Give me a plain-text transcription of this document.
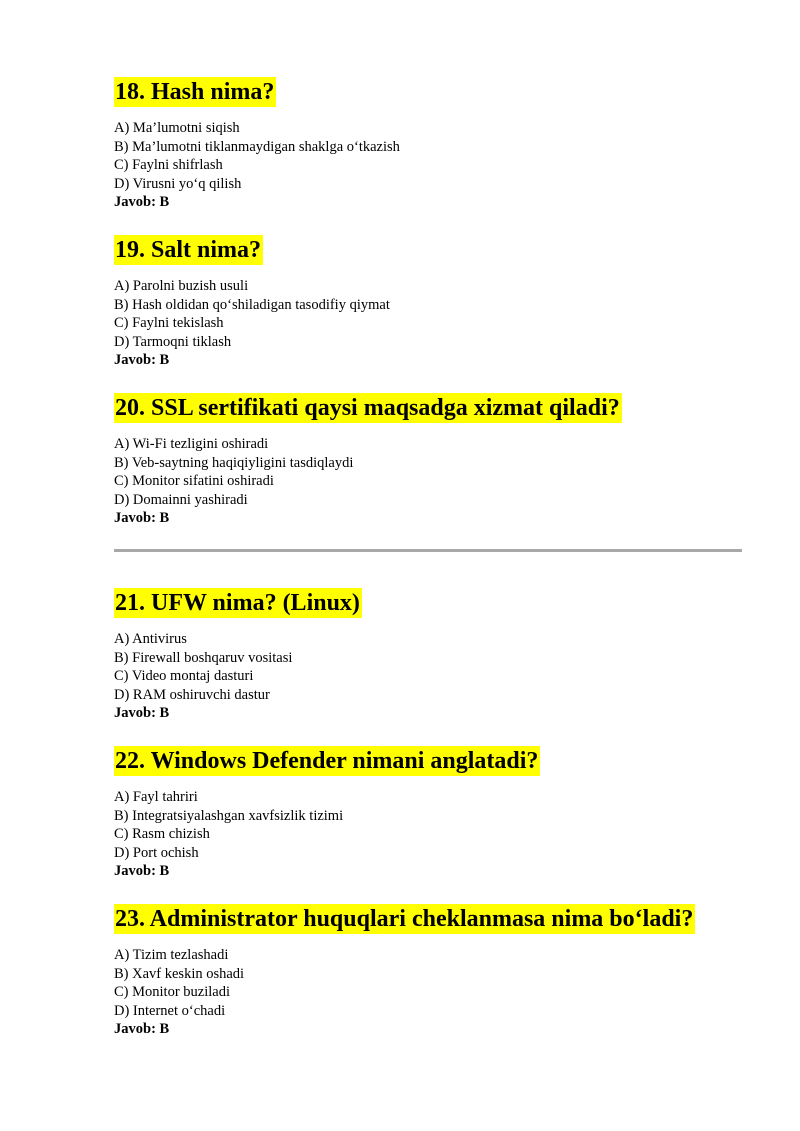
18. Hash nima?
A) Ma’lumotni siqish
B) Ma’lumotni tiklanmaydigan shaklga o‘tkazish
C) Faylni shifrlash
D) Virusni yo‘q qilish
Javob: B
19. Salt nima?
A) Parolni buzish usuli
B) Hash oldidan qo‘shiladigan tasodifiy qiymat
C) Faylni tekislash
D) Tarmoqni tiklash
Javob: B
20. SSL sertifikati qaysi maqsadga xizmat qiladi?
A) Wi-Fi tezligini oshiradi
B) Veb-saytning haqiqiyligini tasdiqlaydi
C) Monitor sifatini oshiradi
D) Domainni yashiradi
Javob: B
21. UFW nima? (Linux)
A) Antivirus
B) Firewall boshqaruv vositasi
C) Video montaj dasturi
D) RAM oshiruvchi dastur
Javob: B
22. Windows Defender nimani anglatadi?
A) Fayl tahriri
B) Integratsiyalashgan xavfsizlik tizimi
C) Rasm chizish
D) Port ochish
Javob: B
23. Administrator huquqlari cheklanmasa nima bo‘ladi?
A) Tizim tezlashadi
B) Xavf keskin oshadi
C) Monitor buziladi
D) Internet o‘chadi
Javob: B
